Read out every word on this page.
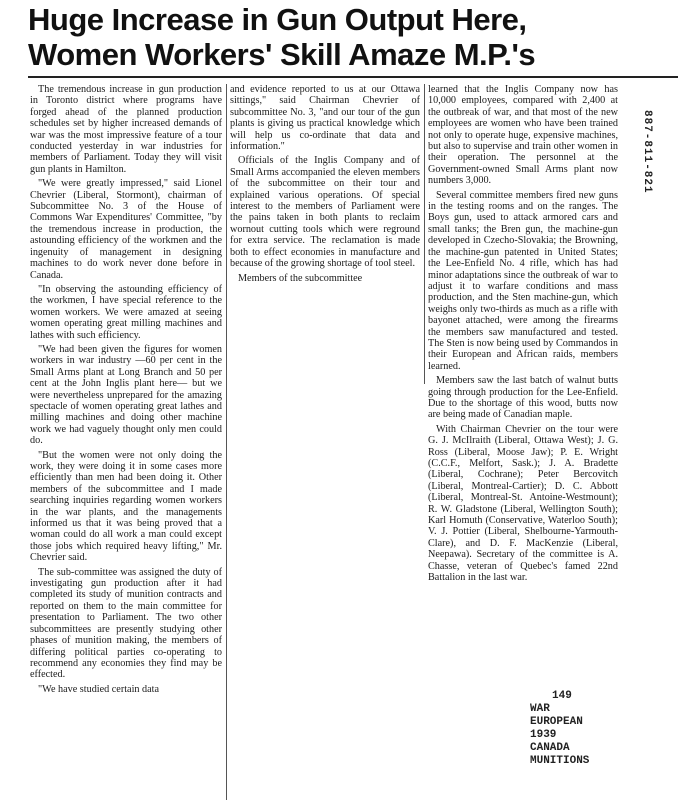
Huge Increase in Gun Output Here,
Women Workers' Skill Amaze M.P.'s

The tremendous increase in gun production in Toronto district where programs have forged ahead of the planned production schedules set by higher increased demands of war was the most impressive feature of a tour conducted yesterday in war industries for members of Parliament. Today they will visit gun plants in Hamilton.

"We were greatly impressed," said Lionel Chevrier (Liberal, Stormont), chairman of Subcommittee No. 3 of the House of Commons War Expenditures' Committee, "by the tremendous increase in production, the astounding efficiency of the workmen and the ingenuity of management in designing machines to do work never done before in Canada.

"In observing the astounding efficiency of the workmen, I have special reference to the women workers. We were amazed at seeing women operating great milling machines and lathes with such efficiency.

"We had been given the figures for women workers in war industry —60 per cent in the Small Arms plant at Long Branch and 50 per cent at the John Inglis plant here— but we were nevertheless unprepared for the amazing spectacle of women operating great lathes and milling machines and doing other machine work we had vaguely thought only men could do.

"But the women were not only doing the work, they were doing it in some cases more efficiently than men had been doing it. Other members of the subcommittee and I made searching inquiries regarding women workers in the war plants, and the managements informed us that it was being proved that a woman could do all work a man could except those jobs which required heavy lifting," Mr. Chevrier said.

The sub-committee was assigned the duty of investigating gun production after it had completed its study of munition contracts and reported on them to the main committee for presentation to Parliament. The two other subcommittees are presently studying other phases of munition making, the members of differing political parties co-operating to recommend any economies they find may be effected.

"We have studied certain data

and evidence reported to us at our Ottawa sittings," said Chairman Chevrier of subcommittee No. 3, "and our tour of the gun plants is giving us practical knowledge which will help us co-ordinate that data and information."

Officials of the Inglis Company and of Small Arms accompanied the eleven members of the subcommittee on their tour and explained various operations. Of special interest to the members of Parliament were the pains taken in both plants to reclaim wornout cutting tools which were reground for extra service. The reclamation is made both to effect economies in manufacture and because of the growing shortage of tool steel.

Members of the subcommittee

learned that the Inglis Company now has 10,000 employees, compared with 2,400 at the outbreak of war, and that most of the new employees are women who have been trained not only to operate huge, expensive machines, but also to supervise and train other women in their operation. The personnel at the Government-owned Small Arms plant now numbers 3,000.

Several committee members fired new guns in the testing rooms and on the ranges. The Boys gun, used to attack armored cars and small tanks; the Bren gun, the machine-gun developed in Czecho-Slovakia; the Browning, the machine-gun patented in United States; the Lee-Enfield No. 4 rifle, which has had minor adaptations since the outbreak of war to adjust it to warfare conditions and mass production, and the Sten machine-gun, which weighs only two-thirds as much as a rifle with bayonet attached, were among the firearms the members saw manufactured and tested. The Sten is now being used by Commandos in their European and African raids, members learned.

Members saw the last batch of walnut butts going through production for the Lee-Enfield. Due to the shortage of this wood, butts now are being made of Canadian maple.

With Chairman Chevrier on the tour were G. J. McIlraith (Liberal, Ottawa West); J. G. Ross (Liberal, Moose Jaw); P. E. Wright (C.C.F., Melfort, Sask.); J. A. Bradette (Liberal, Cochrane); Peter Bercovitch (Liberal, Montreal-Cartier); D. C. Abbott (Liberal, Montreal-St. Antoine-Westmount); R. W. Gladstone (Liberal, Wellington South); Karl Homuth (Conservative, Waterloo South); V. J. Pottier (Liberal, Shelbourne-Yarmouth-Clare), and D. F. MacKenzie (Liberal, Neepawa). Secretary of the committee is A. Chasse, veteran of Quebec's famed 22nd Battalion in the last war.

887-811-821
149
WAR
EUROPEAN
1939
CANADA
MUNITIONS
